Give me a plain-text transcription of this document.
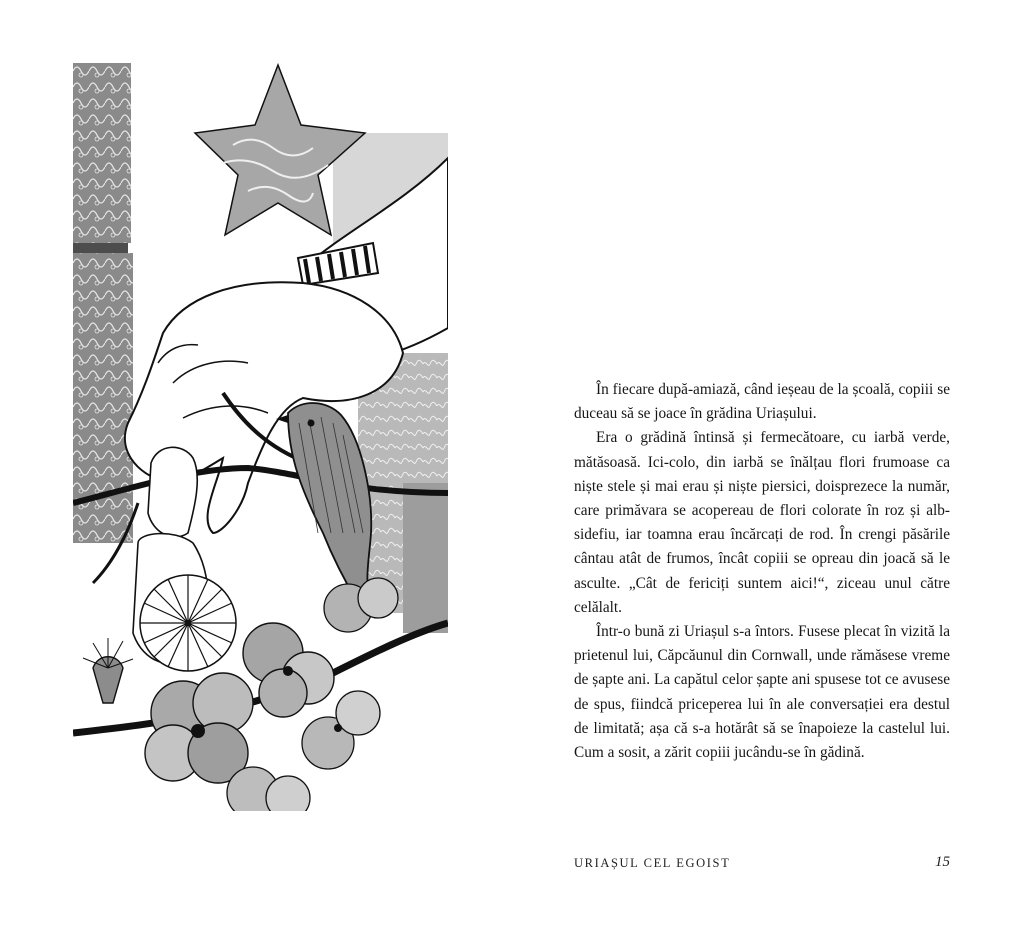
În fiecare după-amiază, când ieșeau de la școală, copiii se duceau să se joace în grădina Uriașului.

Era o grădină întinsă și fermecătoare, cu iarbă verde, mătăsoasă. Ici-colo, din iarbă se înălțau flori frumoase ca niște stele și mai erau și niște piersici, doisprezece la număr, care primăvara se acopereau de flori colorate în roz și alb-sidefiu, iar toamna erau încărcați de rod. În crengi păsările cântau atât de frumos, încât copiii se opreau din joacă să le asculte. „Cât de fericiți suntem aici!“, ziceau unul către celălalt.

Într-o bună zi Uriașul s-a întors. Fusese plecat în vizită la prietenul lui, Căpcăunul din Cornwall, unde rămăsese vreme de șapte ani. La capătul celor șapte ani spusese tot ce avusese de spus, fiindcă priceperea lui în ale conversației era destul de limitată; așa că s-a hotărât să se înapoieze la castelul lui. Cum a sosit, a zărit copiii jucându-se în gădină.

URIAȘUL CEL EGOIST	15
